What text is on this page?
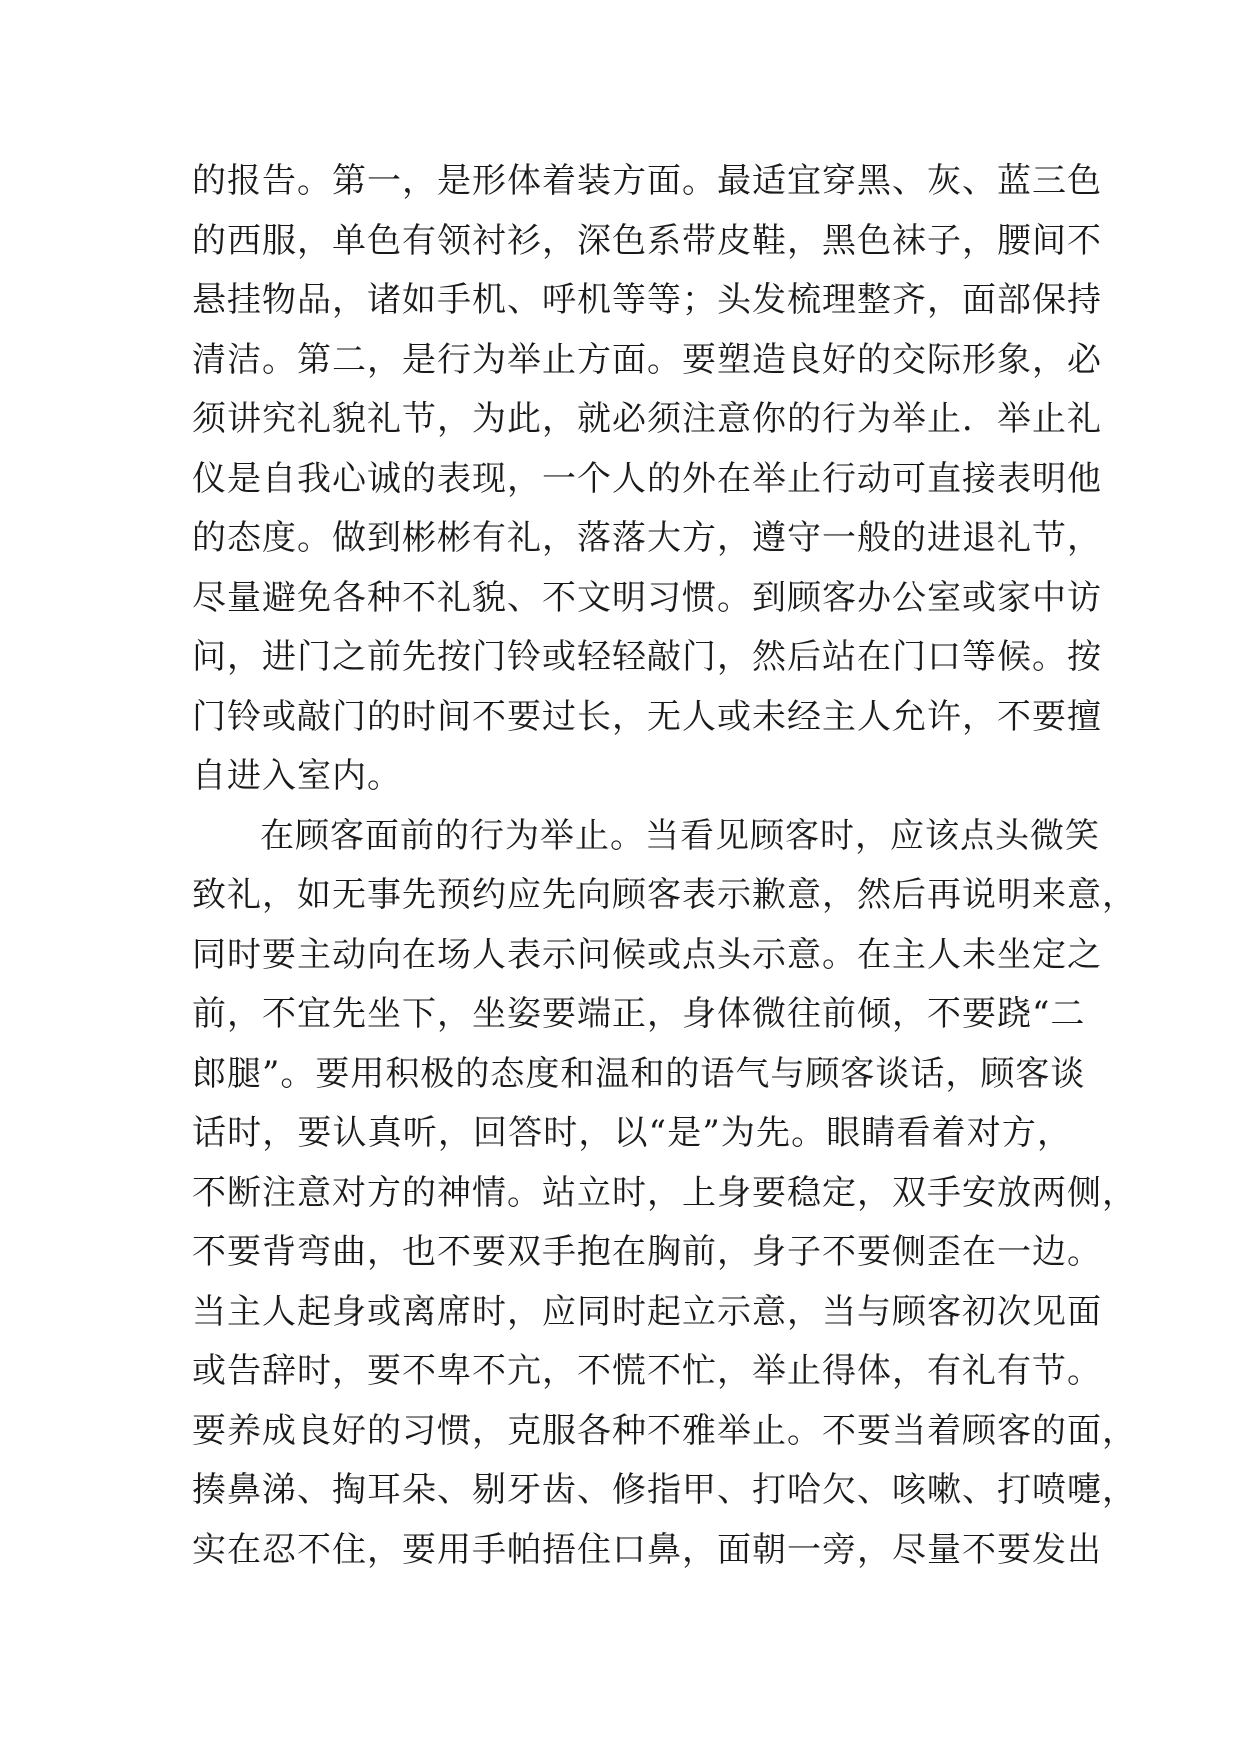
的报告。第一，是形体着装方面。最适宜穿黑、灰、蓝三色
的西服，单色有领衬衫，深色系带皮鞋，黑色袜子，腰间不
悬挂物品，诸如手机、呼机等等；头发梳理整齐，面部保持
清洁。第二，是行为举止方面。要塑造良好的交际形象，必
须讲究礼貌礼节，为此，就必须注意你的行为举止．举止礼
仪是自我心诚的表现，一个人的外在举止行动可直接表明他
的态度。做到彬彬有礼，落落大方，遵守一般的进退礼节，
尽量避免各种不礼貌、不文明习惯。到顾客办公室或家中访
问，进门之前先按门铃或轻轻敲门，然后站在门口等候。按
门铃或敲门的时间不要过长，无人或未经主人允许，不要擅
自进入室内。
在顾客面前的行为举止。当看见顾客时，应该点头微笑
致礼，如无事先预约应先向顾客表示歉意，然后再说明来意，
同时要主动向在场人表示问候或点头示意。在主人未坐定之
前，不宜先坐下，坐姿要端正，身体微往前倾，不要跷“二
郎腿”。要用积极的态度和温和的语气与顾客谈话，顾客谈
话时，要认真听，回答时，以“是”为先。眼睛看着对方，
不断注意对方的神情。站立时，上身要稳定，双手安放两侧，
不要背弯曲，也不要双手抱在胸前，身子不要侧歪在一边。
当主人起身或离席时，应同时起立示意，当与顾客初次见面
或告辞时，要不卑不亢，不慌不忙，举止得体，有礼有节。
要养成良好的习惯，克服各种不雅举止。不要当着顾客的面，
揍鼻涕、掏耳朵、剔牙齿、修指甲、打哈欠、咳嗽、打喷嚏，
实在忍不住，要用手帕捂住口鼻，面朝一旁，尽量不要发出
